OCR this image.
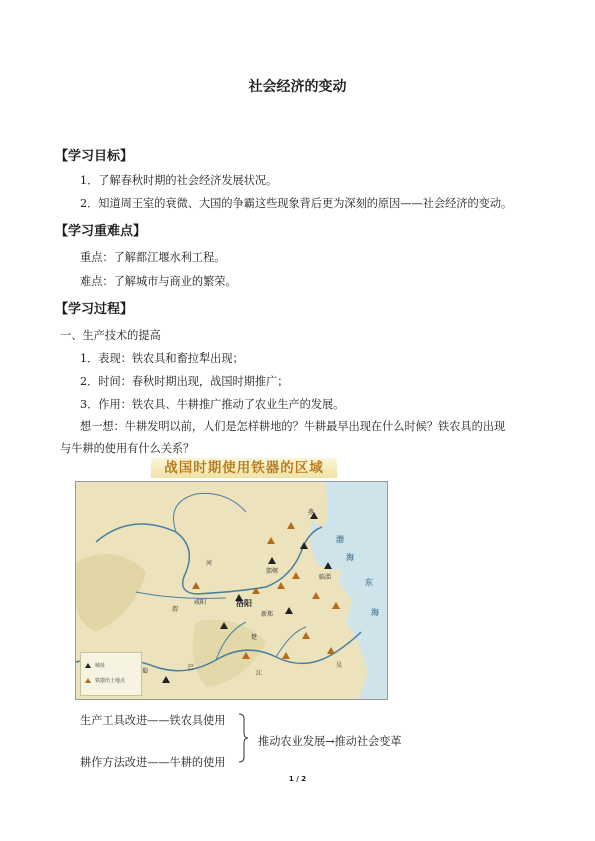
社会经济的变动
【学习目标】
1．了解春秋时期的社会经济发展状况。
2．知道周王室的衰微、大国的争霸这些现象背后更为深刻的原因——社会经济的变动。
【学习重难点】
重点：了解都江堰水利工程。
难点：了解城市与商业的繁荣。
【学习过程】
一、生产技术的提高
1．表现：铁农具和畜拉犁出现；
2．时间：春秋时期出现，战国时期推广；
3．作用：铁农具、牛耕推广推动了农业生产的发展。
想一想：牛耕发明以前，人们是怎样耕地的？牛耕最早出现在什么时候？铁农具的出现
与牛耕的使用有什么关系？
战国时期使用铁器的区域
洛阳
渤
海
东
海
邯郸
咸阳
燕
临淄
蜀
巴
河
江
渭
新郑
楚
吴
城址
铁器出土地点
生产工具改进——铁农具使用
耕作方法改进——牛耕的使用
推动农业发展→推动社会变革
1 / 2
